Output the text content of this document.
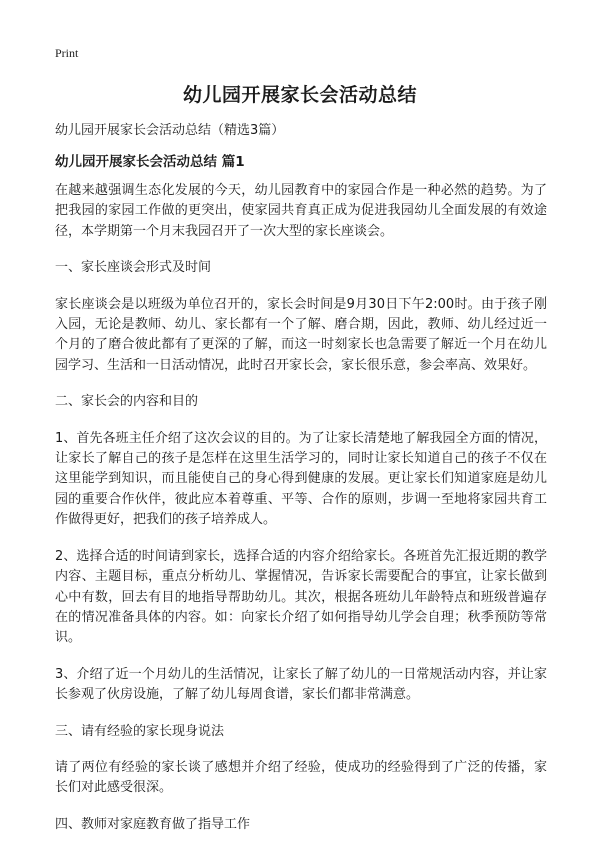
Print
幼儿园开展家长会活动总结
幼儿园开展家长会活动总结（精选3篇）
幼儿园开展家长会活动总结 篇1

在越来越强调生态化发展的今天，幼儿园教育中的家园合作是一种必然的趋势。为了把我园的家园工作做的更突出，使家园共育真正成为促进我园幼儿全面发展的有效途径，本学期第一个月末我园召开了一次大型的家长座谈会。

一、家长座谈会形式及时间

家长座谈会是以班级为单位召开的，家长会时间是9月30日下午2:00时。由于孩子刚入园，无论是教师、幼儿、家长都有一个了解、磨合期，因此，教师、幼儿经过近一个月的了磨合彼此都有了更深的了解，而这一时刻家长也急需要了解近一个月在幼儿园学习、生活和一日活动情况，此时召开家长会，家长很乐意，参会率高、效果好。

二、家长会的内容和目的

1、首先各班主任介绍了这次会议的目的。为了让家长清楚地了解我园全方面的情况，让家长了解自己的孩子是怎样在这里生活学习的，同时让家长知道自己的孩子不仅在这里能学到知识，而且能使自己的身心得到健康的发展。更让家长们知道家庭是幼儿园的重要合作伙伴，彼此应本着尊重、平等、合作的原则，步调一至地将家园共育工作做得更好，把我们的孩子培养成人。

2、选择合适的时间请到家长，选择合适的内容介绍给家长。各班首先汇报近期的教学内容、主题目标，重点分析幼儿、掌握情况，告诉家长需要配合的事宜，让家长做到心中有数，回去有目的地指导帮助幼儿。其次，根据各班幼儿年龄特点和班级普遍存在的情况准备具体的内容。如：向家长介绍了如何指导幼儿学会自理；秋季预防等常识。

3、介绍了近一个月幼儿的生活情况，让家长了解了幼儿的一日常规活动内容，并让家长参观了伙房设施，了解了幼儿每周食谱，家长们都非常满意。

三、请有经验的家长现身说法

请了两位有经验的家长谈了感想并介绍了经验，使成功的经验得到了广泛的传播，家长们对此感受很深。

四、教师对家庭教育做了指导工作
